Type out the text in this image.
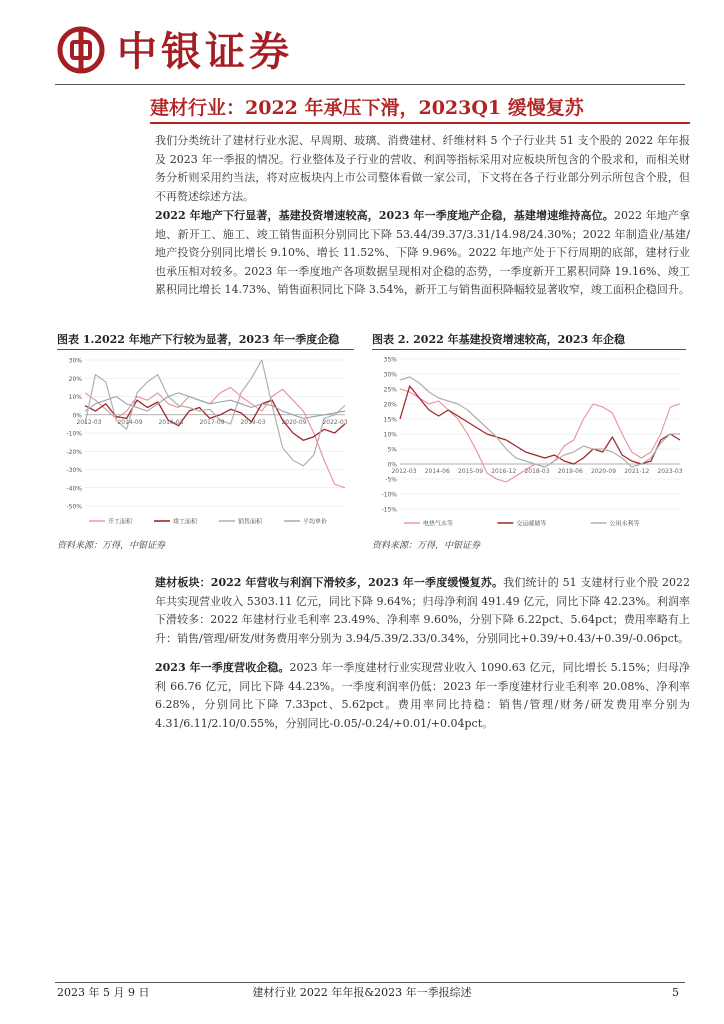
中银证券
建材行业：2022 年承压下滑，2023Q1 缓慢复苏
我们分类统计了建材行业水泥、早周期、玻璃、消费建材、纤维材料 5 个子行业共 51 支个股的 2022 年年报及 2023 年一季报的情况。行业整体及子行业的营收、利润等指标采用对应板块所包含的个股求和，而相关财务分析则采用约当法，将对应板块内上市公司整体看做一家公司，下文将在各子行业部分列示所包含个股，但不再赘述综述方法。
2022 年地产下行显著，基建投资增速较高，2023 年一季度地产企稳，基建增速维持高位。2022 年地产拿地、新开工、施工、竣工销售面积分别同比下降 53.44/39.37/3.31/14.98/24.30%；2022 年制造业/基建/地产投资分别同比增长 9.10%、增长 11.52%、下降 9.96%。2022 年地产处于下行周期的底部，建材行业也承压相对较多。2023 年一季度地产各项数据呈现相对企稳的态势，一季度新开工累积同降 19.16%、竣工累积同比增长 14.73%、销售面积同比下降 3.54%，新开工与销售面积降幅较显著收窄，竣工面积企稳回升。
图表 1.2022 年地产下行较为显著，2023 年一季度企稳
30%
20%
10%
0%
-10%
-20%
-30%
-40%
-50%
2012-03	2014-09	2016-03	2017-09	2019-03	2020-09	2022-03
开工面积	竣工面积	销售面积	平均单价
资料来源：万得，中银证券
图表 2. 2022 年基建投资增速较高，2023 年企稳
35%
30%
25%
20%
15%
10%
5%
0%
-5%
-10%
-15%
2012-03 2014-06 2015-09 2016-12 2018-03 2019-06 2020-09 2021-12 2023-03
电热气水等	交运邮储等	公用水利等
资料来源：万得，中银证券
建材板块：2022 年营收与利润下滑较多，2023 年一季度缓慢复苏。我们统计的 51 支建材行业个股 2022 年共实现营业收入 5303.11 亿元，同比下降 9.64%；归母净利润 491.49 亿元，同比下降 42.23%。利润率下滑较多：2022 年建材行业毛利率 23.49%、净利率 9.60%，分别下降 6.22pct、5.64pct；费用率略有上升：销售/管理/研发/财务费用率分别为 3.94/5.39/2.33/0.34%，分别同比+0.39/+0.43/+0.39/-0.06pct。
2023 年一季度营收企稳。2023 年一季度建材行业实现营业收入 1090.63 亿元，同比增长 5.15%；归母净利 66.76 亿元，同比下降 44.23%。一季度利润率仍低：2023 年一季度建材行业毛利率 20.08%、净利率 6.28%，分别同比下降 7.33pct、5.62pct。费用率同比持稳：销售/管理/财务/研发费用率分别为 4.31/6.11/2.10/0.55%，分别同比-0.05/-0.24/+0.01/+0.04pct。
2023 年 5 月 9 日	建材行业 2022 年年报&2023 年一季报综述	5
